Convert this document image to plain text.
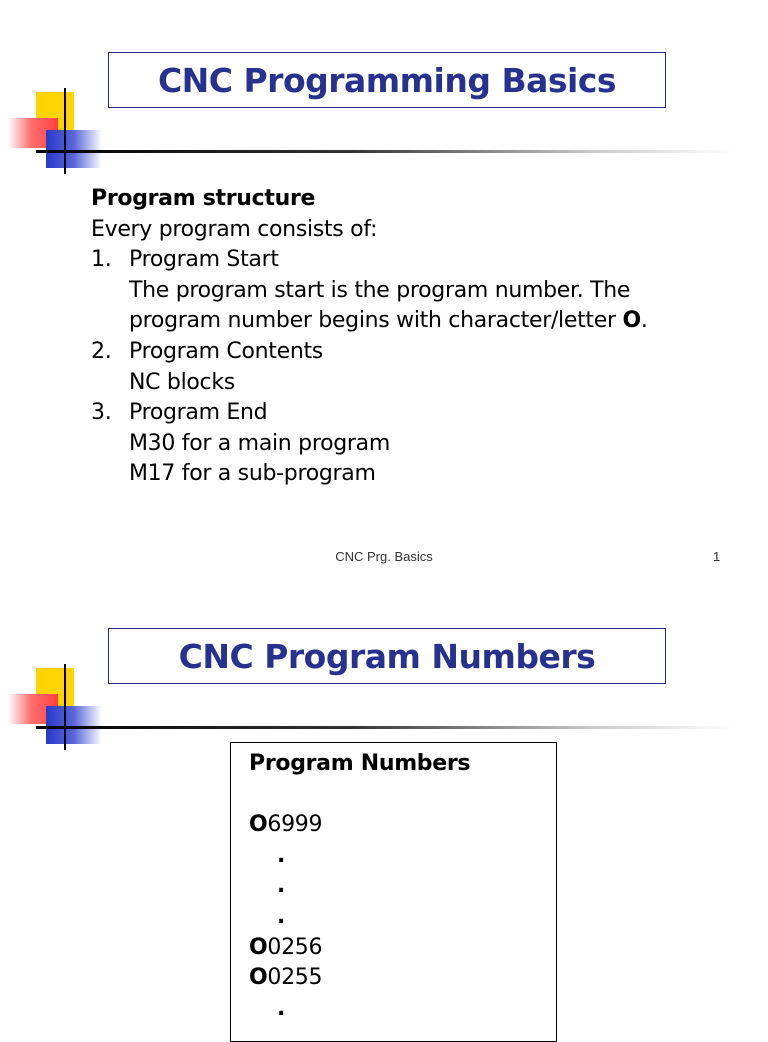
CNC Programming Basics
Program structure
Every program consists of:
1. Program Start
The program start is the program number. The
program number begins with character/letter O.
2. Program Contents
NC blocks
3. Program End
M30 for a main program
M17 for a sub-program
CNC Prg. Basics	1
CNC Program Numbers
Program Numbers
O6999
.
.
.
O0256
O0255
.
